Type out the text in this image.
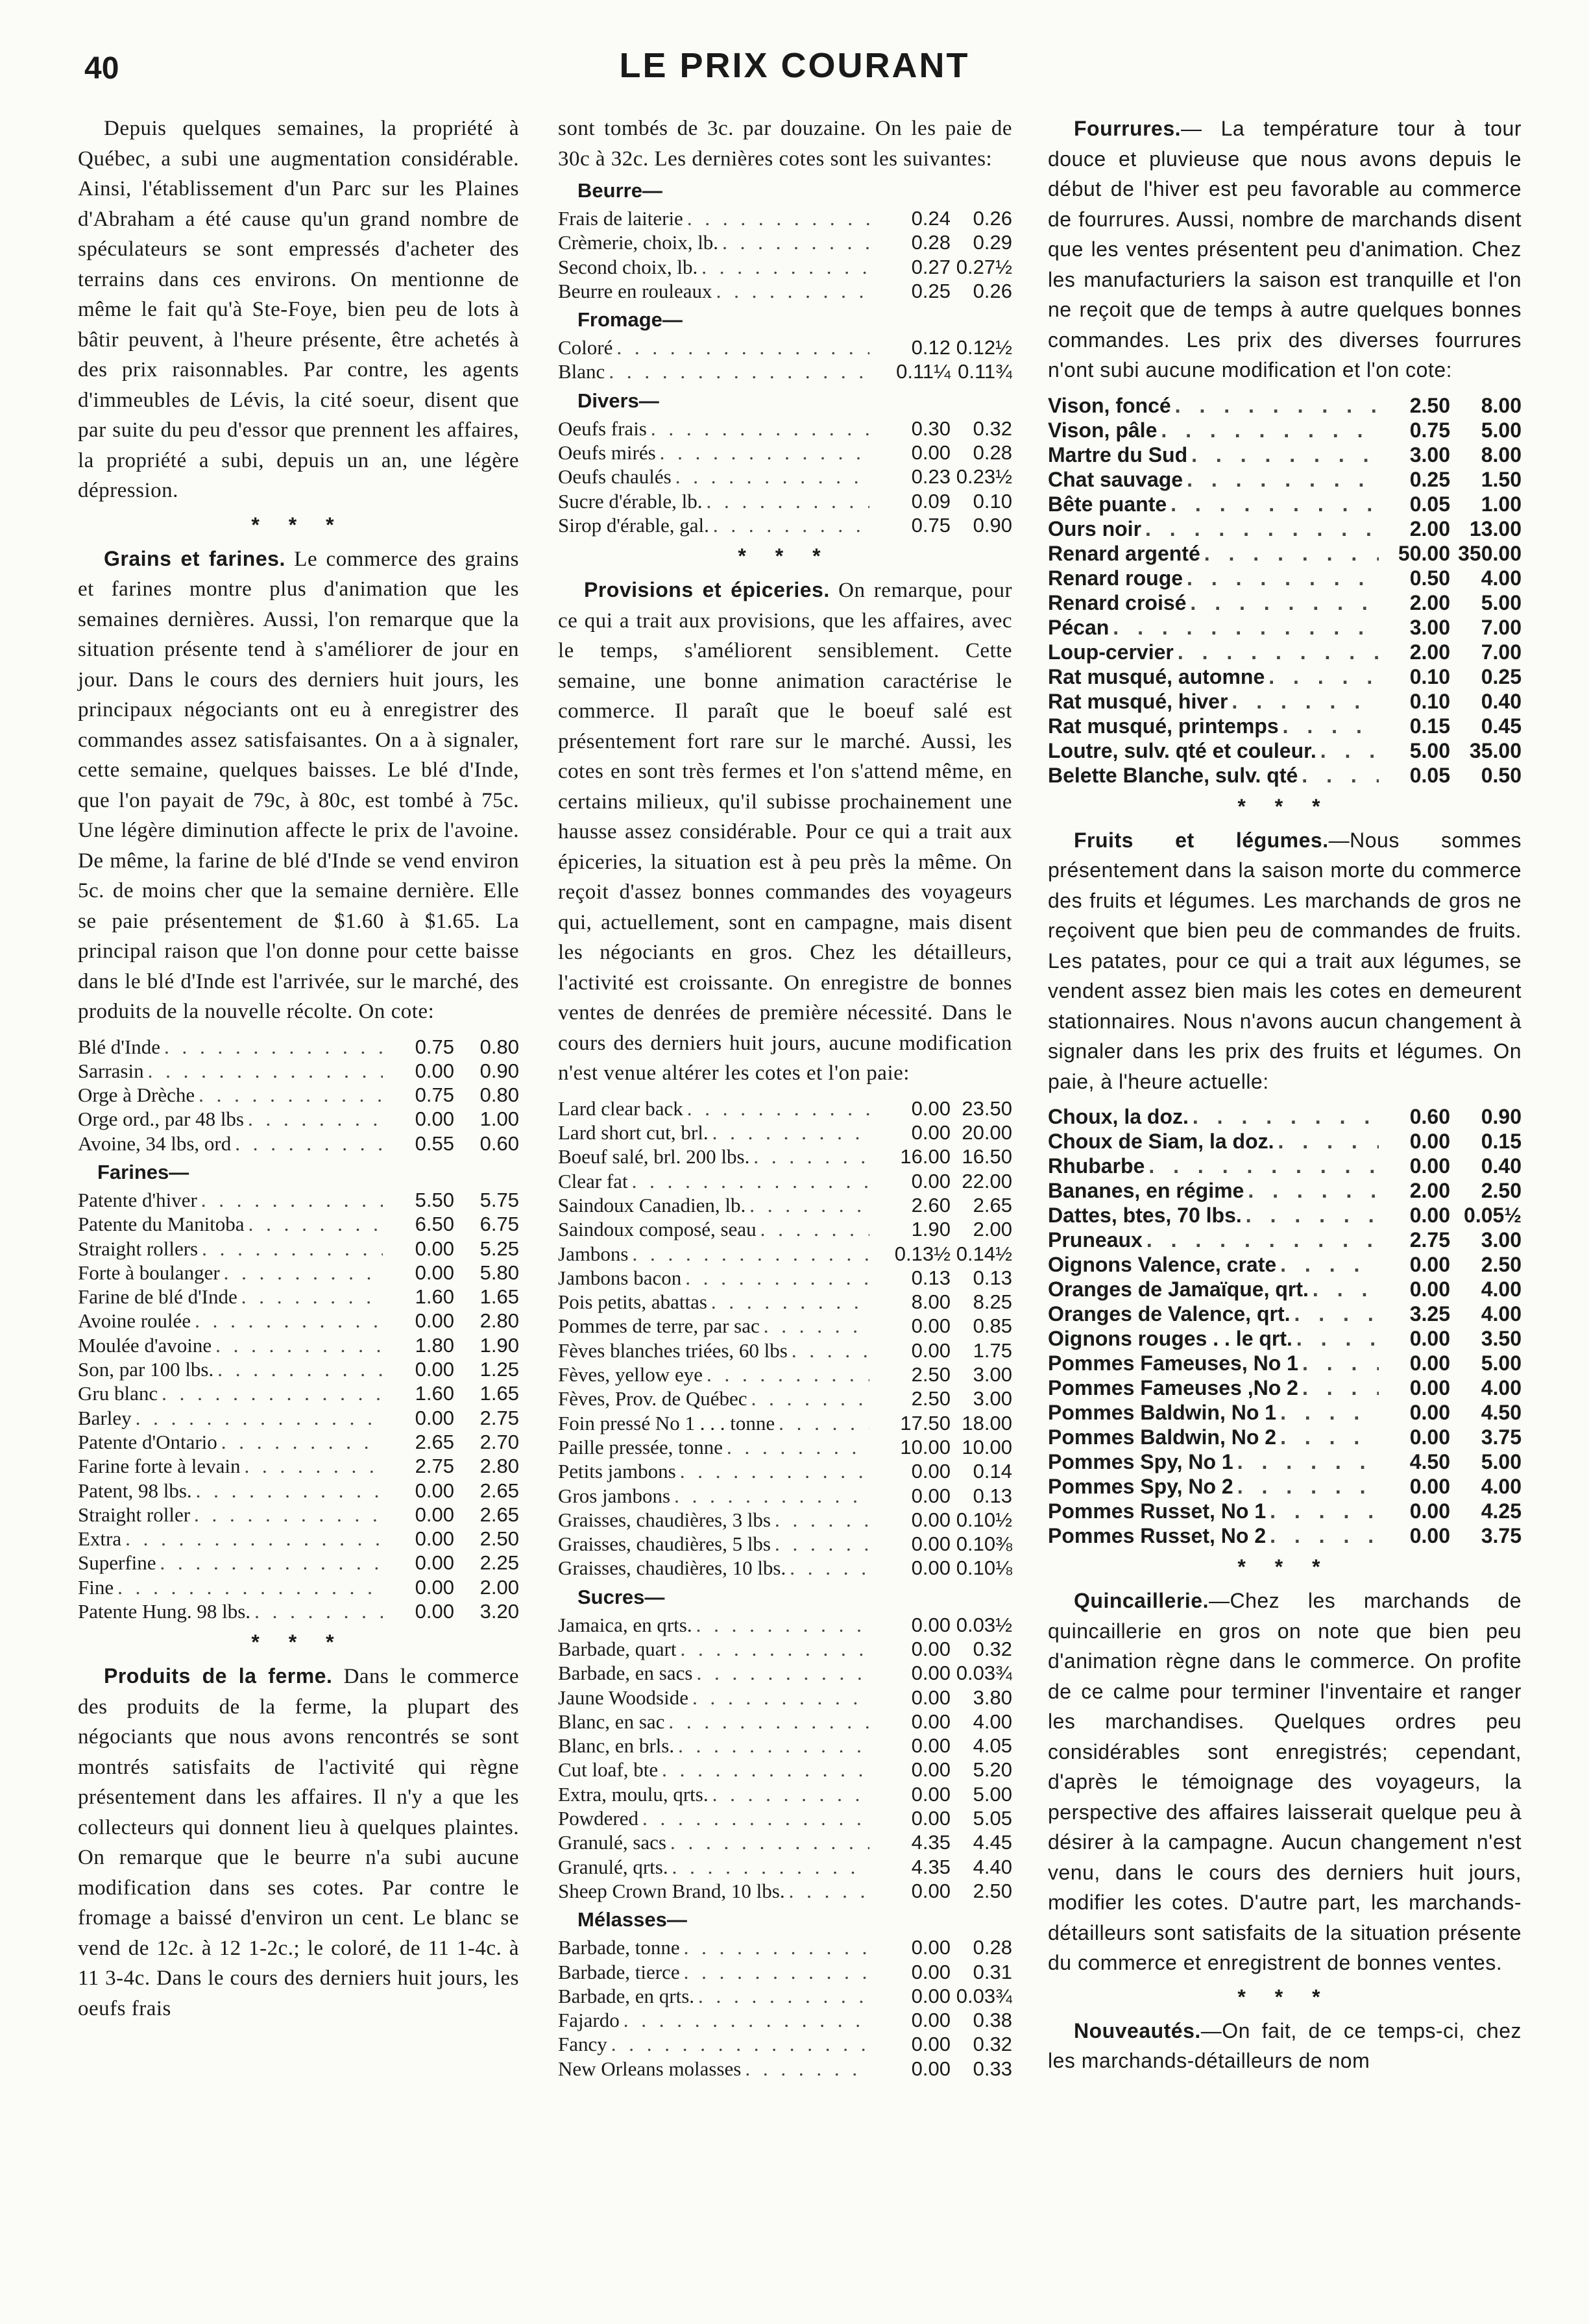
40	LE PRIX COURANT

Depuis quelques semaines, la propriété à Québec, a subi une augmentation considérable. Ainsi, l'établissement d'un Parc sur les Plaines d'Abraham a été cause qu'un grand nombre de spéculateurs se sont empressés d'acheter des terrains dans ces environs. On mentionne de même le fait qu'à Ste-Foye, bien peu de lots à bâtir peuvent, à l'heure présente, être achetés à des prix raisonnables. Par contre, les agents d'immeubles de Lévis, la cité soeur, disent que par suite du peu d'essor que prennent les affaires, la propriété a subi, depuis un an, une légère dépression.

* * *

Grains et farines. Le commerce des grains et farines montre plus d'animation que les semaines dernières. Aussi, l'on remarque que la situation présente tend à s'améliorer de jour en jour. Dans le cours des derniers huit jours, les principaux négociants ont eu à enregistrer des commandes assez satisfaisantes. On a à signaler, cette semaine, quelques baisses. Le blé d'Inde, que l'on payait de 79c, à 80c, est tombé à 75c. Une légère diminution affecte le prix de l'avoine. De même, la farine de blé d'Inde se vend environ 5c. de moins cher que la semaine dernière. Elle se paie présentement de $1.60 à $1.65. La principal raison que l'on donne pour cette baisse dans le blé d'Inde est l'arrivée, sur le marché, des produits de la nouvelle récolte. On cote:

Blé d'Inde . . .	0.75	0.80
Sarrasin . . .	0.00	0.90
Orge à Drèche . . .	0.75	0.80
Orge ord., par 48 lbs . . .	0.00	1.00
Avoine, 34 lbs, ord . . .	0.55	0.60
Farines—
Patente d'hiver . . .	5.50	5.75
Patente du Manitoba . . .	6.50	6.75
Straight rollers . . .	0.00	5.25
Forte à boulanger . . .	0.00	5.80
Farine de blé d'Inde . . .	1.60	1.65
Avoine roulée . . .	0.00	2.80
Moulée d'avoine . . .	1.80	1.90
Son, par 100 lbs. . . .	0.00	1.25
Gru blanc . . .	1.60	1.65
Barley . . .	0.00	2.75
Patente d'Ontario . . .	2.65	2.70
Farine forte à levain . . .	2.75	2.80
Patent, 98 lbs. . . .	0.00	2.65
Straight roller . . .	0.00	2.65
Extra . . .	0.00	2.50
Superfine . . .	0.00	2.25
Fine . . .	0.00	2.00
Patente Hung. 98 lbs. . . .	0.00	3.20
* * *

Produits de la ferme. Dans le commerce des produits de la ferme, la plupart des négociants que nous avons rencontrés se sont montrés satisfaits de l'activité qui règne présentement dans les affaires. Il n'y a que les collecteurs qui donnent lieu à quelques plaintes. On remarque que le beurre n'a subi aucune modification dans ses cotes. Par contre le fromage a baissé d'environ un cent. Le blanc se vend de 12c. à 12 1-2c.; le coloré, de 11 1-4c. à 11 3-4c. Dans le cours des derniers huit jours, les oeufs frais

sont tombés de 3c. par douzaine. On les paie de 30c à 32c. Les dernières cotes sont les suivantes:

Beurre—
Frais de laiterie . . .	0.24	0.26
Crèmerie, choix, lb. . . .	0.28	0.29
Second choix, lb. . . .	0.27 0.27½
Beurre en rouleaux . . .	0.25	0.26
Fromage—
Coloré . . .	0.12 0.12½
Blanc . . .	0.11¼ 0.11¾
Divers—
Oeufs frais . . .	0.30	0.32
Oeufs mirés . . .	0.00	0.28
Oeufs chaulés . . .	0.23 0.23½
Sucre d'érable, lb. . . .	0.09	0.10
Sirop d'érable, gal. . . .	0.75	0.90
* * *

Provisions et épiceries. On remarque, pour ce qui a trait aux provisions, que les affaires, avec le temps, s'améliorent sensiblement. Cette semaine, une bonne animation caractérise le commerce. Il paraît que le boeuf salé est présentement fort rare sur le marché. Aussi, les cotes en sont très fermes et l'on s'attend même, en certains milieux, qu'il subisse prochainement une hausse assez considérable. Pour ce qui a trait aux épiceries, la situation est à peu près la même. On reçoit d'assez bonnes commandes des voyageurs qui, actuellement, sont en campagne, mais disent les négociants en gros. Chez les détailleurs, l'activité est croissante. On enregistre de bonnes ventes de denrées de première nécessité. Dans le cours des derniers huit jours, aucune modification n'est venue altérer les cotes et l'on paie:

Lard clear back . . .	0.00 23.50
Lard short cut, brl. . . .	0.00 20.00
Boeuf salé, brl. 200 lbs. . . .	16.00 16.50
Clear fat . . .	0.00 22.00
Saindoux Canadien, lb. . . .	2.60	2.65
Saindoux composé, seau . . .	1.90	2.00
Jambons . . .	0.13½ 0.14½
Jambons bacon . . .	0.13	0.13
Pois petits, abattas . . .	8.00	8.25
Pommes de terre, par sac . . .	0.00	0.85
Fèves blanches triées, 60 lbs . . .	0.00	1.75
Fèves, yellow eye . . .	2.50	3.00
Fèves, Prov. de Québec . . .	2.50	3.00
Foin pressé No 1 . . . tonne . . .	17.50 18.00
Paille pressée, tonne . . .	10.00 10.00
Petits jambons . . .	0.00	0.14
Gros jambons . . .	0.00	0.13
Graisses, chaudières, 3 lbs . . .	0.00 0.10½
Graisses, chaudières, 5 lbs . . .	0.00 0.10⅜
Graisses, chaudières, 10 lbs. . . .	0.00 0.10⅛
Sucres—
Jamaica, en qrts. . . .	0.00 0.03½
Barbade, quart . . .	0.00	0.32
Barbade, en sacs . . .	0.00 0.03¾
Jaune Woodside . . .	0.00	3.80
Blanc, en sac . . .	0.00	4.00
Blanc, en brls. . . .	0.00	4.05
Cut loaf, bte . . .	0.00	5.20
Extra, moulu, qrts. . . .	0.00	5.00
Powdered . . .	0.00	5.05
Granulé, sacs . . .	4.35	4.45
Granulé, qrts. . . .	4.35	4.40
Sheep Crown Brand, 10 lbs. . . .	0.00	2.50
Mélasses—
Barbade, tonne . . .	0.00	0.28
Barbade, tierce . . .	0.00	0.31
Barbade, en qrts. . . .	0.00 0.03¾
Fajardo . . .	0.00	0.38
Fancy . . .	0.00	0.32
New Orleans molasses . . .	0.00	0.33

Fourrures.— La température tour à tour douce et pluvieuse que nous avons depuis le début de l'hiver est peu favorable au commerce de fourrures. Aussi, nombre de marchands disent que les ventes présentent peu d'animation. Chez les manufacturiers la saison est tranquille et l'on ne reçoit que de temps à autre quelques bonnes commandes. Les prix des diverses fourrures n'ont subi aucune modification et l'on cote:

Vison, foncé . . .	2.50	8.00
Vison, pâle . . .	0.75	5.00
Martre du Sud . . .	3.00	8.00
Chat sauvage . . .	0.25	1.50
Bête puante . . .	0.05	1.00
Ours noir . . .	2.00 13.00
Renard argenté . . .	50.00 350.00
Renard rouge . . .	0.50	4.00
Renard croisé . . .	2.00	5.00
Pécan . . .	3.00	7.00
Loup-cervier . . .	2.00	7.00
Rat musqué, automne . . .	0.10	0.25
Rat musqué, hiver . . .	0.10	0.40
Rat musqué, printemps . . .	0.15	0.45
Loutre, sulv. qté et couleur. . . .	5.00 35.00
Belette Blanche, sulv. qté . . .	0.05	0.50
* * *

Fruits et légumes.—Nous sommes présentement dans la saison morte du commerce des fruits et légumes. Les marchands de gros ne reçoivent que bien peu de commandes de fruits. Les patates, pour ce qui a trait aux légumes, se vendent assez bien mais les cotes en demeurent stationnaires. Nous n'avons aucun changement à signaler dans les prix des fruits et légumes. On paie, à l'heure actuelle:

Choux, la doz. . . .	0.60	0.90
Choux de Siam, la doz. . . .	0.00	0.15
Rhubarbe . . .	0.00	0.40
Bananes, en régime . . .	2.00	2.50
Dattes, btes, 70 lbs. . . .	0.00 0.05½
Pruneaux . . .	2.75	3.00
Oignons Valence, crate . . .	0.00	2.50
Oranges de Jamaïque, qrt. . . .	0.00	4.00
Oranges de Valence, qrt. . . .	3.25	4.00
Oignons rouges . . le qrt. . . .	0.00	3.50
Pommes Fameuses, No 1 . . .	0.00	5.00
Pommes Fameuses ,No 2 . . .	0.00	4.00
Pommes Baldwin, No 1 . . .	0.00	4.50
Pommes Baldwin, No 2 . . .	0.00	3.75
Pommes Spy, No 1 . . .	4.50	5.00
Pommes Spy, No 2 . . .	0.00	4.00
Pommes Russet, No 1 . . .	0.00	4.25
Pommes Russet, No 2 . . .	0.00	3.75
* * *

Quincaillerie.—Chez les marchands de quincaillerie en gros on note que bien peu d'animation règne dans le commerce. On profite de ce calme pour terminer l'inventaire et ranger les marchandises. Quelques ordres peu considérables sont enregistrés; cependant, d'après le témoignage des voyageurs, la perspective des affaires laisserait quelque peu à désirer à la campagne. Aucun changement n'est venu, dans le cours des derniers huit jours, modifier les cotes. D'autre part, les marchands-détailleurs sont satisfaits de la situation présente du commerce et enregistrent de bonnes ventes.

* * *

Nouveautés.—On fait, de ce temps-ci, chez les marchands-détailleurs de nom
